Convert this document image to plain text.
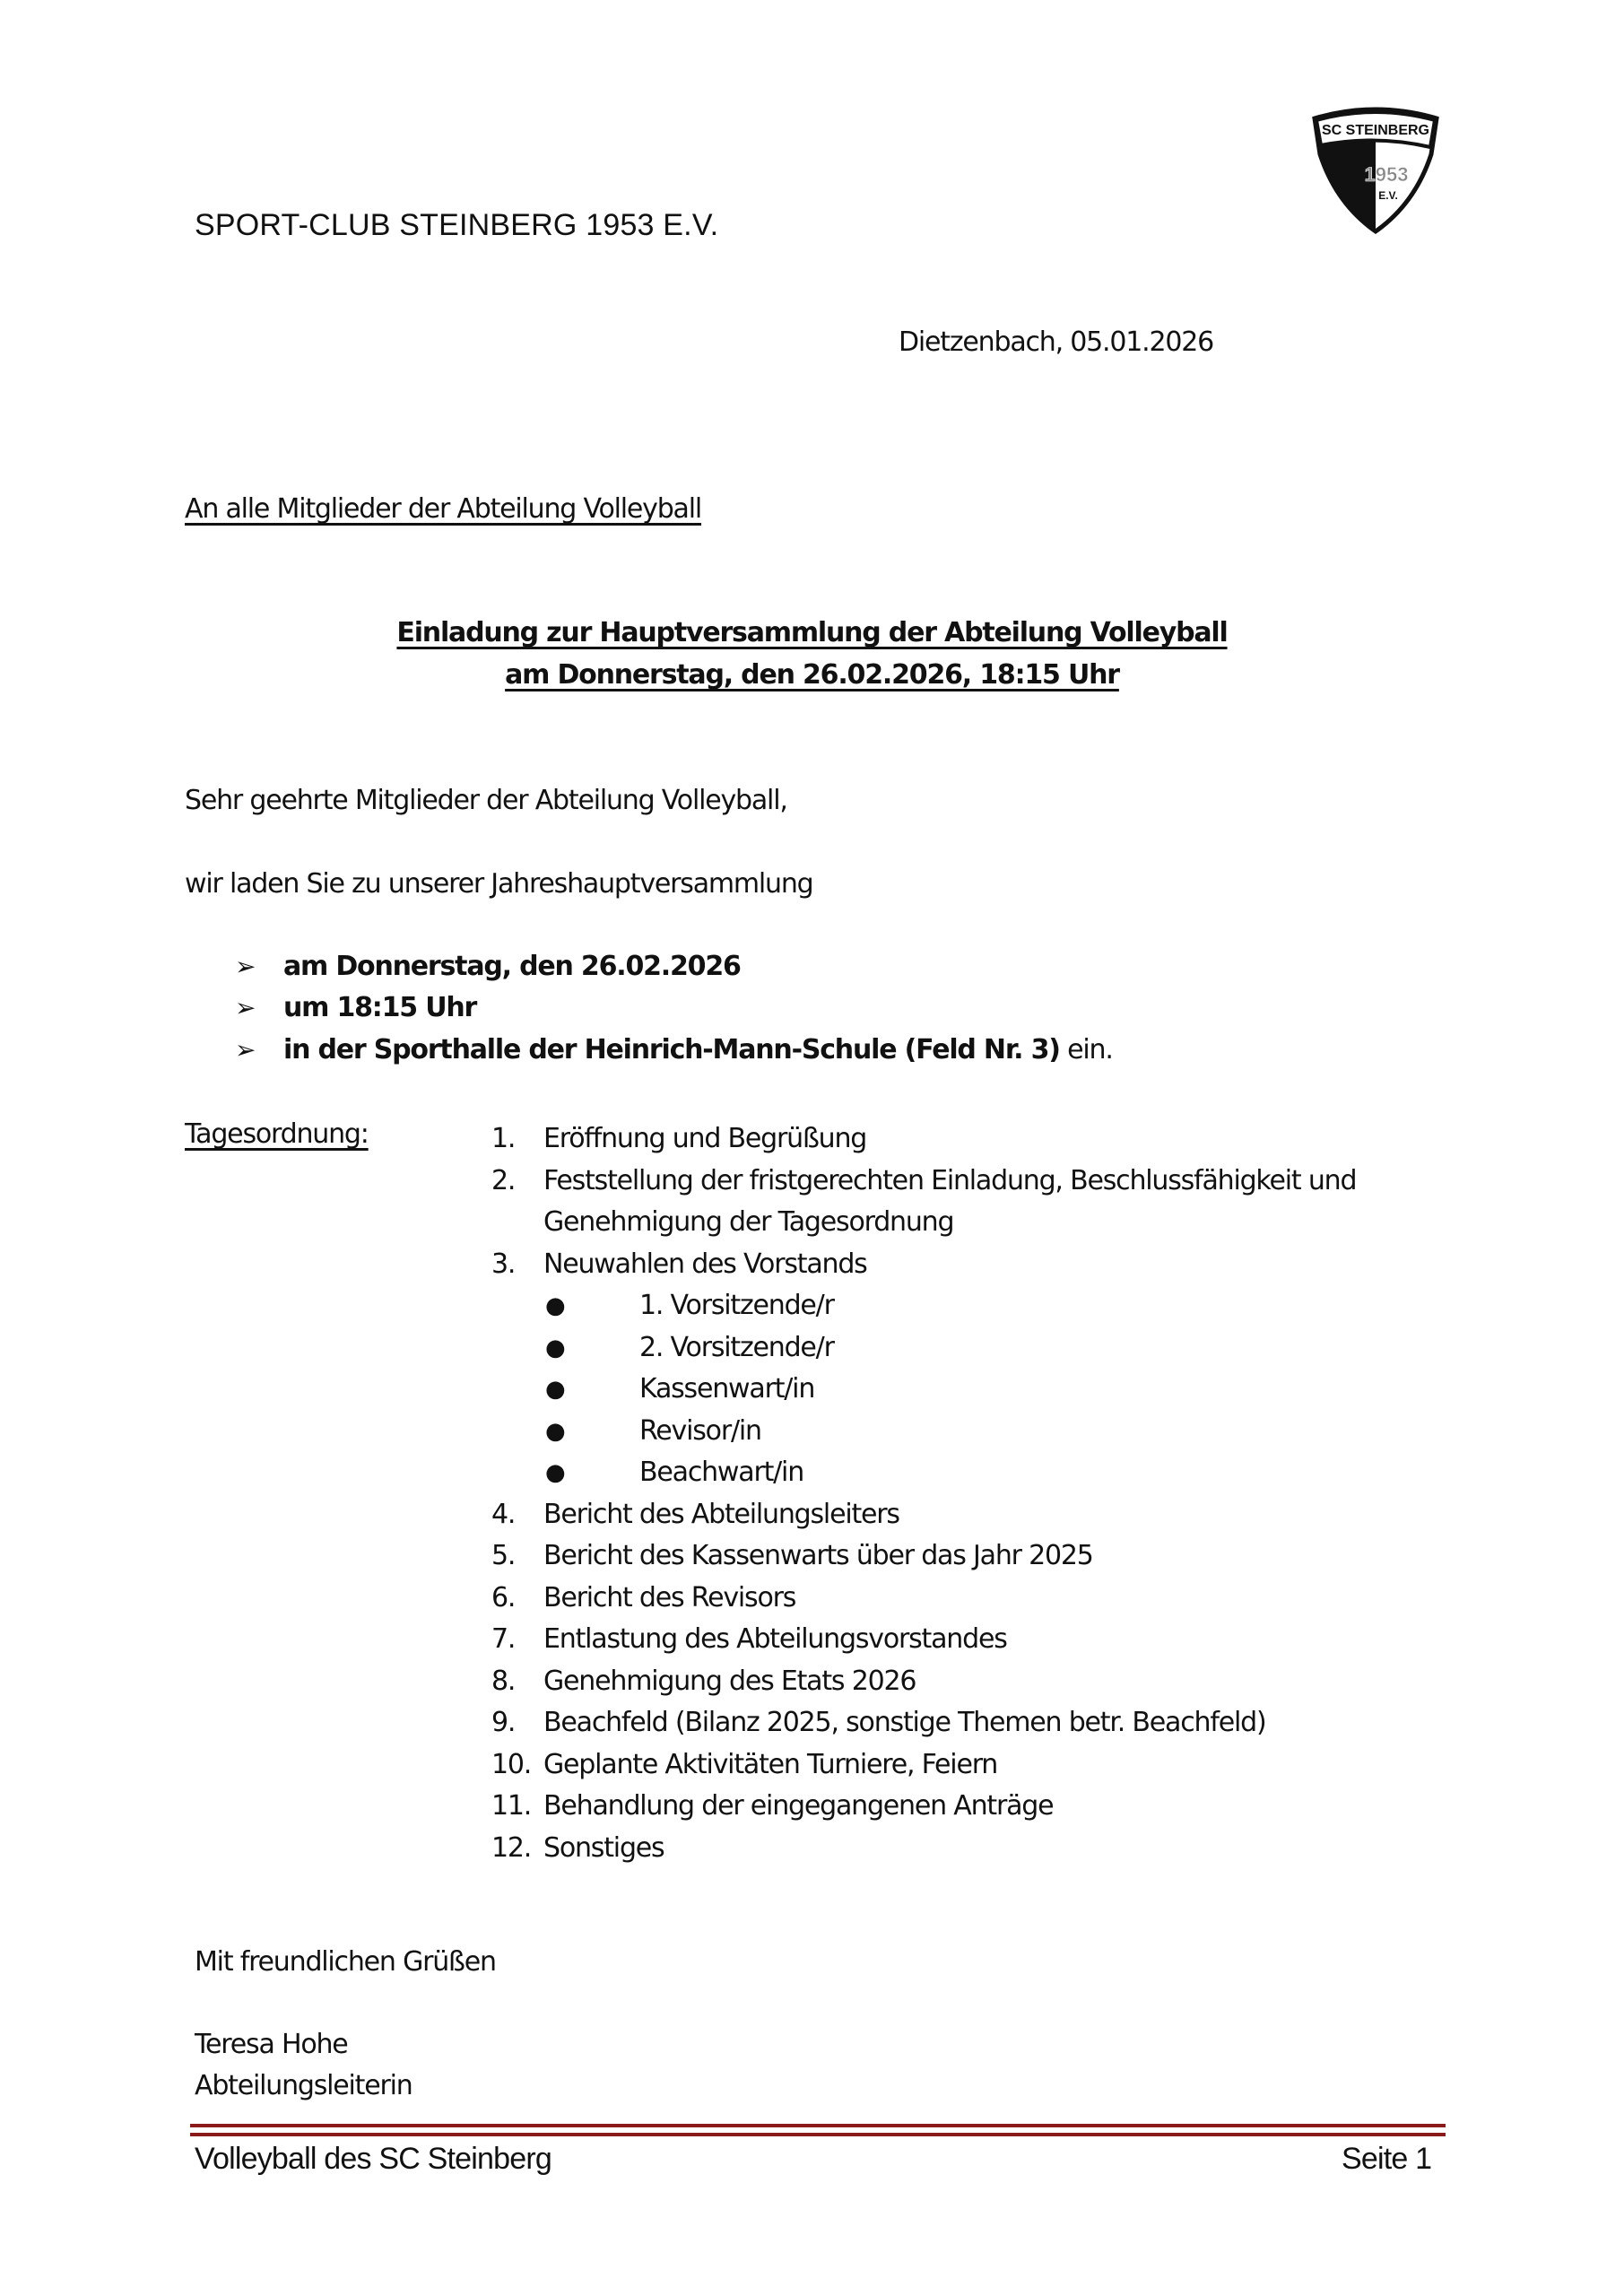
SPORT-CLUB STEINBERG 1953 E.V.
SC STEINBERG
1953
E.V.
Dietzenbach, 05.01.2026
An alle Mitglieder der Abteilung Volleyball
Einladung zur Hauptversammlung der Abteilung Volleyball
am Donnerstag, den 26.02.2026, 18:15 Uhr
Sehr geehrte Mitglieder der Abteilung Volleyball,
wir laden Sie zu unserer Jahreshauptversammlung
➢ am Donnerstag, den 26.02.2026
➢ um 18:15 Uhr
➢ in der Sporthalle der Heinrich-Mann-Schule (Feld Nr. 3) ein.
Tagesordnung:	1. Eröffnung und Begrüßung
2. Feststellung der fristgerechten Einladung, Beschlussfähigkeit und
Genehmigung der Tagesordnung
3. Neuwahlen des Vorstands
●	1. Vorsitzende/r
●	2. Vorsitzende/r
●	Kassenwart/in
●	Revisor/in
●	Beachwart/in
4. Bericht des Abteilungsleiters
5. Bericht des Kassenwarts über das Jahr 2025
6. Bericht des Revisors
7. Entlastung des Abteilungsvorstandes
8. Genehmigung des Etats 2026
9. Beachfeld (Bilanz 2025, sonstige Themen betr. Beachfeld)
10. Geplante Aktivitäten Turniere, Feiern
11. Behandlung der eingegangenen Anträge
12. Sonstiges
Mit freundlichen Grüßen
Teresa Hohe
Abteilungsleiterin
Volleyball des SC Steinberg	Seite 1
